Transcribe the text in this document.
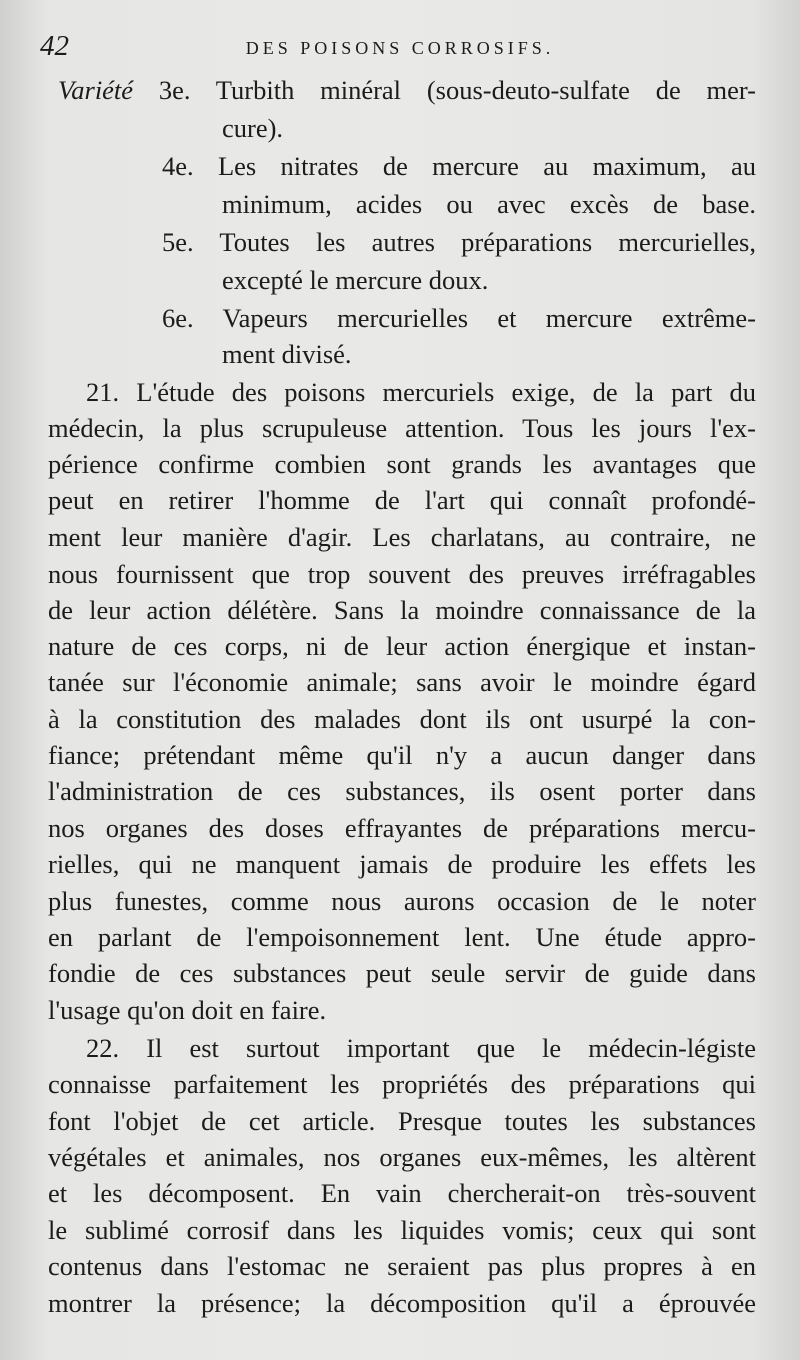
42	DES POISONS CORROSIFS.
Variété 3e. Turbith minéral (sous-deuto-sulfate de mer-
cure).
4e. Les nitrates de mercure au maximum, au
minimum, acides ou avec excès de base.
5e. Toutes les autres préparations mercurielles,
excepté le mercure doux.
6e. Vapeurs mercurielles et mercure extrême-
ment divisé.
21. L'étude des poisons mercuriels exige, de la part du
médecin, la plus scrupuleuse attention. Tous les jours l'ex-
périence confirme combien sont grands les avantages que
peut en retirer l'homme de l'art qui connaît profondé-
ment leur manière d'agir. Les charlatans, au contraire, ne
nous fournissent que trop souvent des preuves irréfragables
de leur action délétère. Sans la moindre connaissance de la
nature de ces corps, ni de leur action énergique et instan-
tanée sur l'économie animale; sans avoir le moindre égard
à la constitution des malades dont ils ont usurpé la con-
fiance; prétendant même qu'il n'y a aucun danger dans
l'administration de ces substances, ils osent porter dans
nos organes des doses effrayantes de préparations mercu-
rielles, qui ne manquent jamais de produire les effets les
plus funestes, comme nous aurons occasion de le noter
en parlant de l'empoisonnement lent. Une étude appro-
fondie de ces substances peut seule servir de guide dans
l'usage qu'on doit en faire.
22. Il est surtout important que le médecin-légiste
connaisse parfaitement les propriétés des préparations qui
font l'objet de cet article. Presque toutes les substances
végétales et animales, nos organes eux-mêmes, les altèrent
et les décomposent. En vain chercherait-on très-souvent
le sublimé corrosif dans les liquides vomis; ceux qui sont
contenus dans l'estomac ne seraient pas plus propres à en
montrer la présence; la décomposition qu'il a éprouvée
